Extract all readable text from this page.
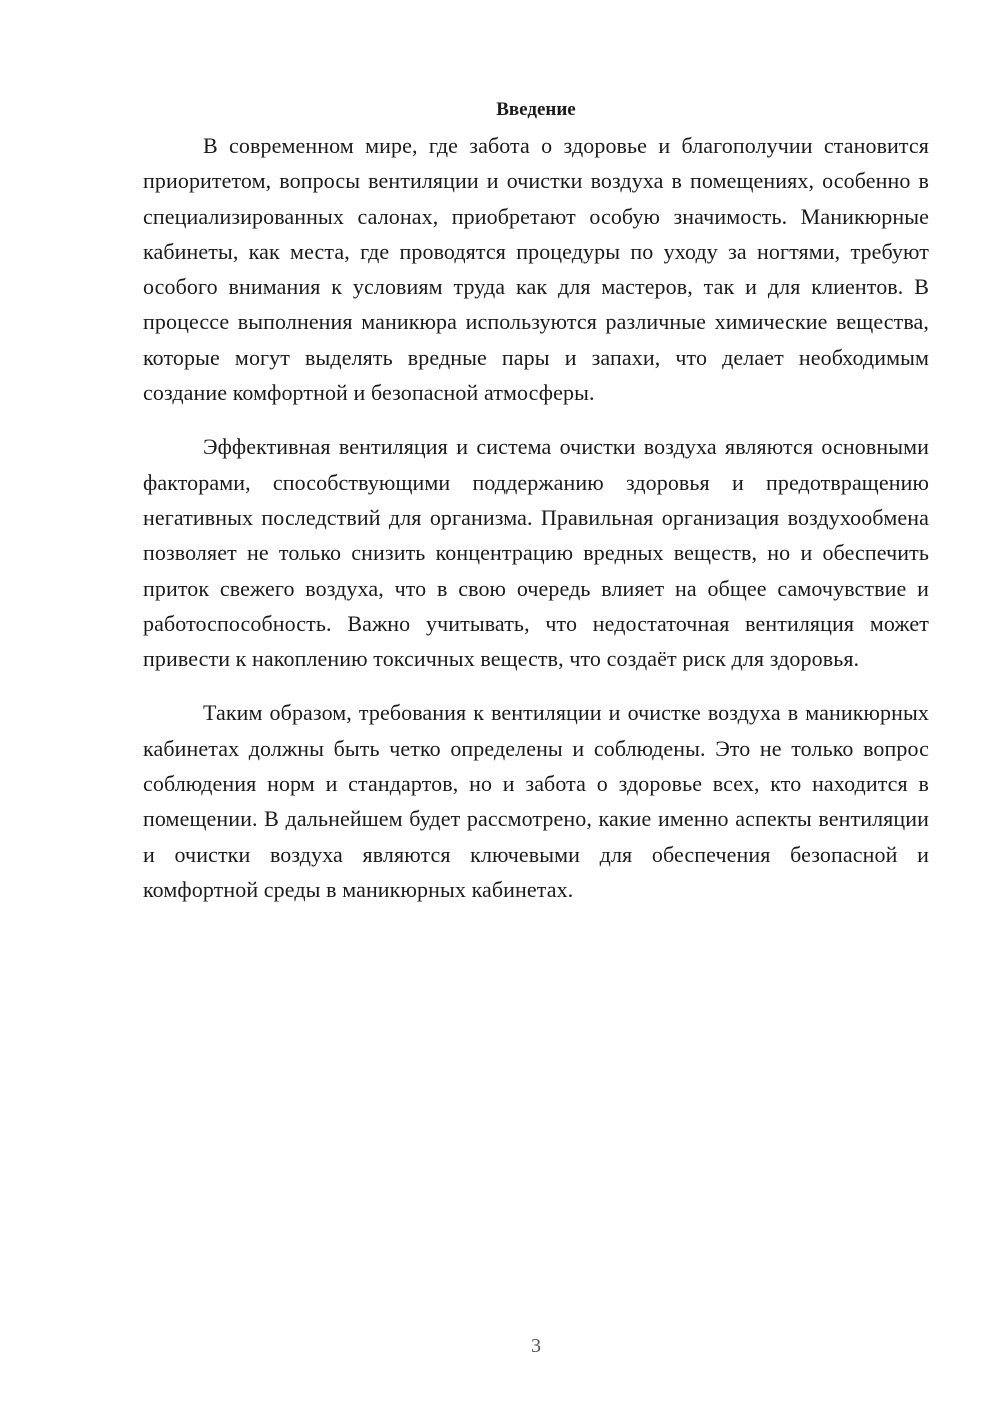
Введение

В современном мире, где забота о здоровье и благополучии становится приоритетом, вопросы вентиляции и очистки воздуха в помещениях, особенно в специализированных салонах, приобретают особую значимость. Маникюрные кабинеты, как места, где проводятся процедуры по уходу за ногтями, требуют особого внимания к условиям труда как для мастеров, так и для клиентов. В процессе выполнения маникюра используются различные химические вещества, которые могут выделять вредные пары и запахи, что делает необходимым создание комфортной и безопасной атмосферы.

Эффективная вентиляция и система очистки воздуха являются основными факторами, способствующими поддержанию здоровья и предотвращению негативных последствий для организма. Правильная организация воздухообмена позволяет не только снизить концентрацию вредных веществ, но и обеспечить приток свежего воздуха, что в свою очередь влияет на общее самочувствие и работоспособность. Важно учитывать, что недостаточная вентиляция может привести к накоплению токсичных веществ, что создаёт риск для здоровья.

Таким образом, требования к вентиляции и очистке воздуха в маникюрных кабинетах должны быть четко определены и соблюдены. Это не только вопрос соблюдения норм и стандартов, но и забота о здоровье всех, кто находится в помещении. В дальнейшем будет рассмотрено, какие именно аспекты вентиляции и очистки воздуха являются ключевыми для обеспечения безопасной и комфортной среды в маникюрных кабинетах.

3
